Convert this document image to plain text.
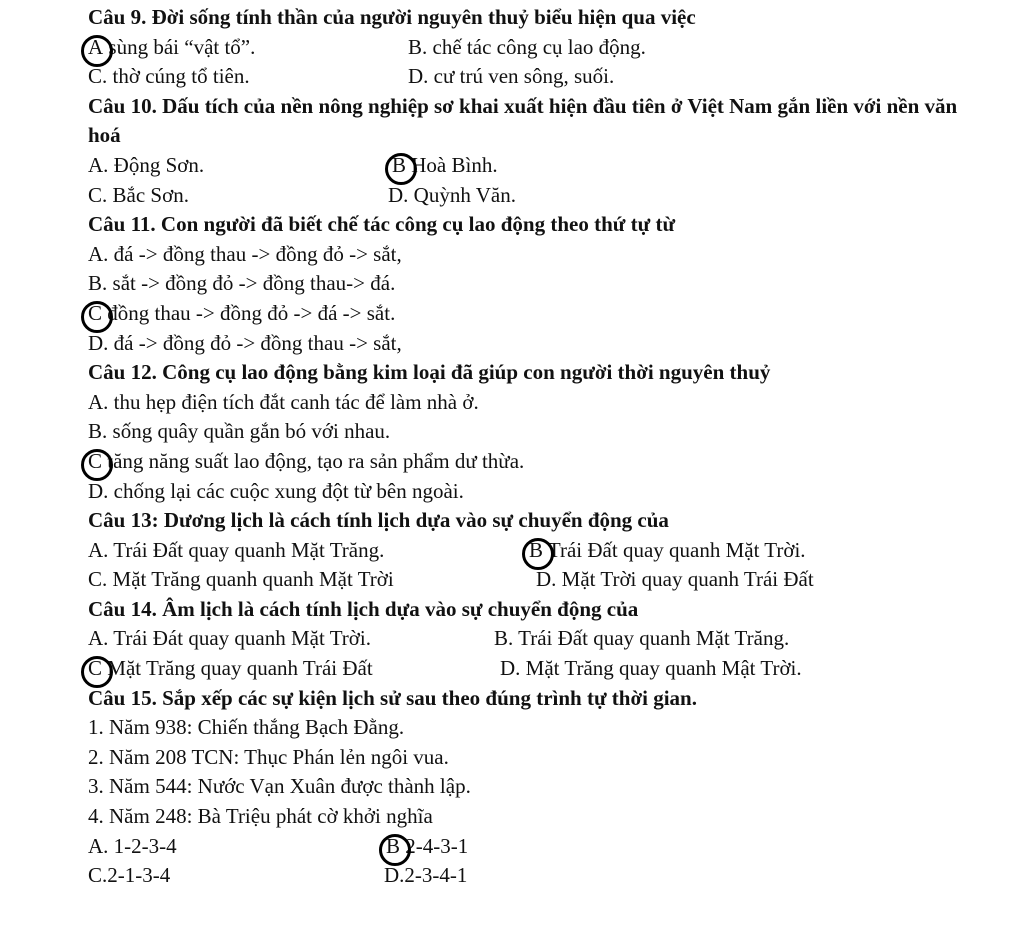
Câu 9. Đời sống tính thần của người nguyên thuỷ biểu hiện qua việc
A sùng bái “vật tổ”.	B. chế tác công cụ lao động.
C. thờ cúng tổ tiên.	D. cư trú ven sông, suối.
Câu 10. Dấu tích của nền nông nghiệp sơ khai xuất hiện đầu tiên ở Việt Nam gắn liền với nền văn hoá
A. Động Sơn.	B Hoà Bình.
C. Bắc Sơn.	D. Quỳnh Văn.
Câu 11. Con người đã biết chế tác công cụ lao động theo thứ tự từ
A. đá -> đồng thau -> đồng đỏ -> sắt,
B. sắt -> đồng đỏ -> đồng thau-> đá.
C đồng thau -> đồng đỏ -> đá -> sắt.
D. đá -> đồng đỏ -> đồng thau -> sắt,
Câu 12. Công cụ lao động bằng kim loại đã giúp con người thời nguyên thuỷ
A. thu hẹp điện tích đắt canh tác để làm nhà ở.
B. sống quây quần gắn bó với nhau.
C tăng năng suất lao động, tạo ra sản phẩm dư thừa.
D. chống lại các cuộc xung đột từ bên ngoài.
Câu 13: Dương lịch là cách tính lịch dựa vào sự chuyển động của
A. Trái Đất quay quanh Mặt Trăng.	B Trái Đất quay quanh Mặt Trời.
C. Mặt Trăng quanh quanh Mặt Trời	D. Mặt Trời quay quanh Trái Đất
Câu 14. Âm lịch là cách tính lịch dựa vào sự chuyển động của
A. Trái Đát quay quanh Mặt Trời.	B. Trái Đất quay quanh Mặt Trăng.
C Mặt Trăng quay quanh Trái Đất	D. Mặt Trăng quay quanh Mật Trời.
Câu 15. Sắp xếp các sự kiện lịch sử sau theo đúng trình tự thời gian.
1. Năm 938: Chiến thắng Bạch Đằng.
2. Năm 208 TCN: Thục Phán lẻn ngôi vua.
3. Năm 544: Nước Vạn Xuân được thành lập.
4. Năm 248: Bà Triệu phát cờ khởi nghĩa
A. 1-2-3-4	B 2-4-3-1
C.2-1-3-4	D.2-3-4-1
